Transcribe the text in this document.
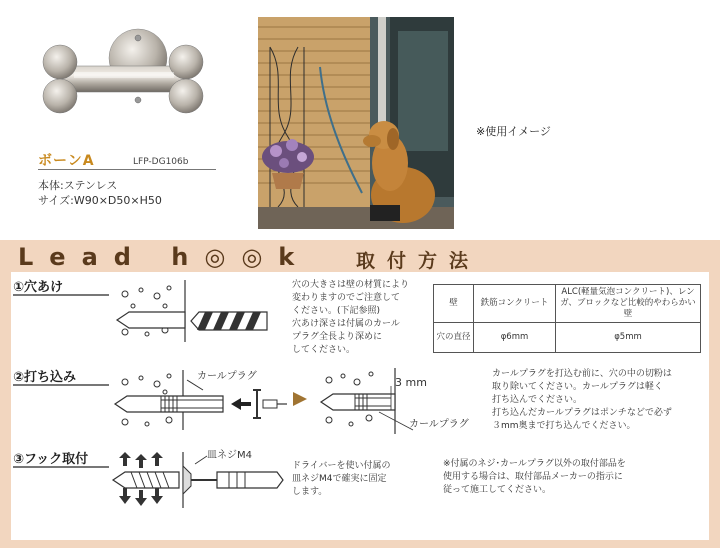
ボーンA	LFP-DG106b
本体:ステンレス
サイズ:W90×D50×H50
※使用イメージ
Lead h◎◎k 取付方法
①穴あけ	穴の大きさは壁の材質により
変わりますのでご注意して
ください。(下記参照)
穴あけ深さは付属のカール
プラグ全長より深めに
してください。
壁	鉄筋コンクリート	ALC(軽量気泡コンクリート)、レンガ、ブロックなど比較的やわらかい壁
穴の直径	φ6mm	φ5mm
②打ち込み	カールプラグ	3 mm
カールプラグ
カールプラグを打込む前に、穴の中の切粉は
取り除いてください。カールプラグは軽く
打ち込んでください。
打ち込んだカールプラグはポンチなどで必ず
３mm奥まで打ち込んでください。
③フック取付	皿ネジM4
ドライバーを使い付属の
皿ネジM4で確実に固定
します。
※付属のネジ･カールプラグ以外の取付部品を
使用する場合は、取付部品メーカーの指示に
従って施工してください。
